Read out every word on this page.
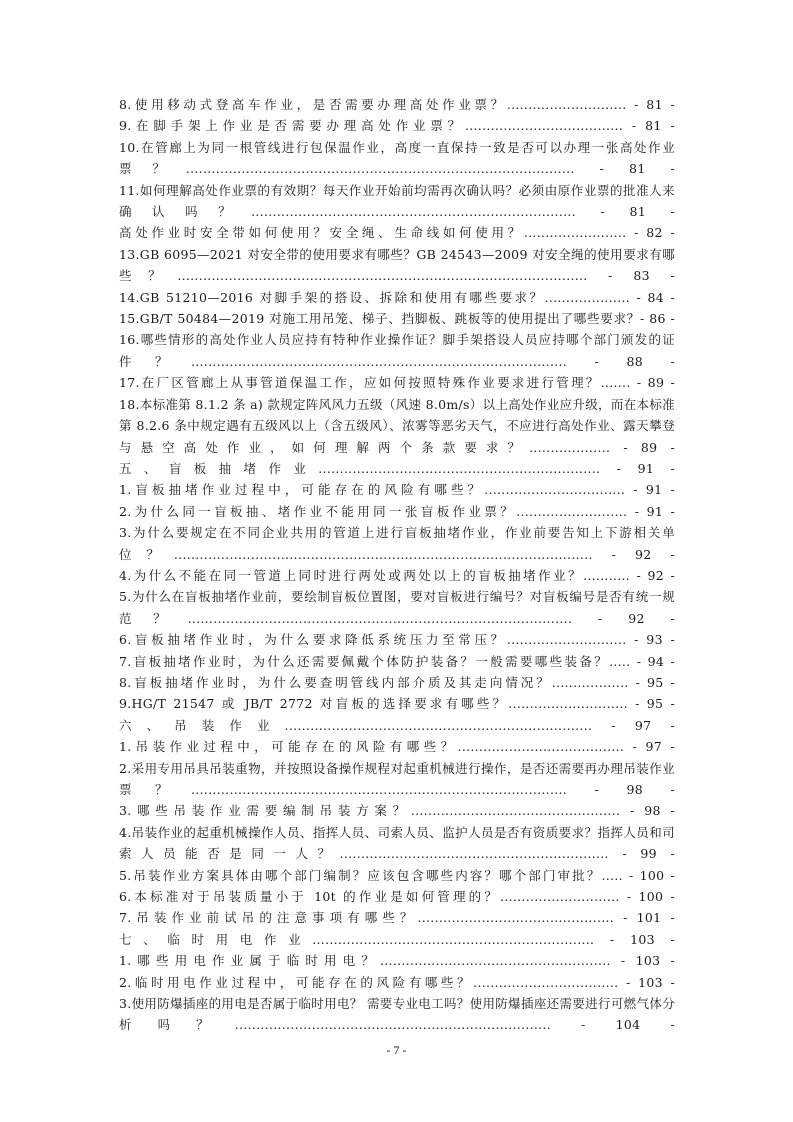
8.使用移动式登高车作业，是否需要办理高处作业票？............................ - 81 -
9.在脚手架上作业是否需要办理高处作业票？..................................... - 81 -
10.在管廊上为同一根管线进行包保温作业，高度一直保持一致是否可以办理一张高处作业票？........................................................................................... - 81 -
11.如何理解高处作业票的有效期？每天作业开始前均需再次确认吗？必须由原作业票的批准人来确认吗？............................................................................ - 81 -
高处作业时安全带如何使用？安全绳、生命线如何使用？........................ - 82 -
13.GB 6095—2021 对安全带的使用要求有哪些？GB 24543—2009 对安全绳的使用要求有哪些？................................................................................................ - 83 -
14.GB 51210—2016 对脚手架的搭设、拆除和使用有哪些要求？.................... - 84 -
15.GB/T 50484—2019 对施工用吊笼、梯子、挡脚板、跳板等的使用提出了哪些要求？- 86 -
16.哪些情形的高处作业人员应持有特种作业操作证？脚手架搭设人员应持哪个部门颁发的证件？........................................................................................ - 88 -
17.在厂区管廊上从事管道保温工作，应如何按照特殊作业要求进行管理？....... - 89 -
18.本标准第 8.1.2 条 a) 款规定阵风风力五级（风速 8.0m/s）以上高处作业应升级，而在本标准第 8.2.6 条中规定遇有五级风以上（含五级风）、浓雾等恶劣天气，不应进行高处作业、露天攀登与悬空高处作业，如何理解两个条款要求？................... - 89 -
五、盲板抽堵作业.................................................................. - 91 -
1.盲板抽堵作业过程中，可能存在的风险有哪些？................................. - 91 -
2.为什么同一盲板抽、堵作业不能用同一张盲板作业票？.......................... - 91 -
3.为什么要规定在不同企业共用的管道上进行盲板抽堵作业，作业前要告知上下游相关单位？.................................................................................................. - 92 -
4.为什么不能在同一管道上同时进行两处或两处以上的盲板抽堵作业？........... - 92 -
5.为什么在盲板抽堵作业前，要绘制盲板位置图，要对盲板进行编号？对盲板编号是否有统一规范？.......................................................................................... - 92 -
6.盲板抽堵作业时，为什么要求降低系统压力至常压？............................ - 93 -
7.盲板抽堵作业时，为什么还需要佩戴个体防护装备？一般需要哪些装备？..... - 94 -
8.盲板抽堵作业时，为什么要查明管线内部介质及其走向情况？.................. - 95 -
9.HG/T 21547 或 JB/T 2772 对盲板的选择要求有哪些？............................ - 95 -
六、吊装作业........................................................................ - 97 -
1.吊装作业过程中，可能存在的风险有哪些？....................................... - 97 -
2.采用专用吊具吊装重物，并按照设备操作规程对起重机械进行操作，是否还需要再办理吊装作业票？........................................................................................ - 98 -
3.哪些吊装作业需要编制吊装方案？................................................. - 98 -
4.吊装作业的起重机械操作人员、指挥人员、司索人员、监护人员是否有资质要求？指挥人员和司索人员能否是同一人？............................................................... - 99 -
5.吊装作业方案具体由哪个部门编制？应该包含哪些内容？哪个部门审批？..... - 100 -
6.本标准对于吊装质量小于 10t 的作业是如何管理的？............................ - 100 -
7.吊装作业前试吊的注意事项有哪些？.............................................. - 101 -
七、临时用电作业.................................................................. - 103 -
1.哪些用电作业属于临时用电？...................................................... - 103 -
2.临时用电作业过程中，可能存在的风险有哪些？.................................. - 103 -
3.使用防爆插座的用电是否属于临时用电？ 需要专业电工吗？使用防爆插座还需要进行可燃气体分析吗？.......................................................................... - 104 -
- 7 -
